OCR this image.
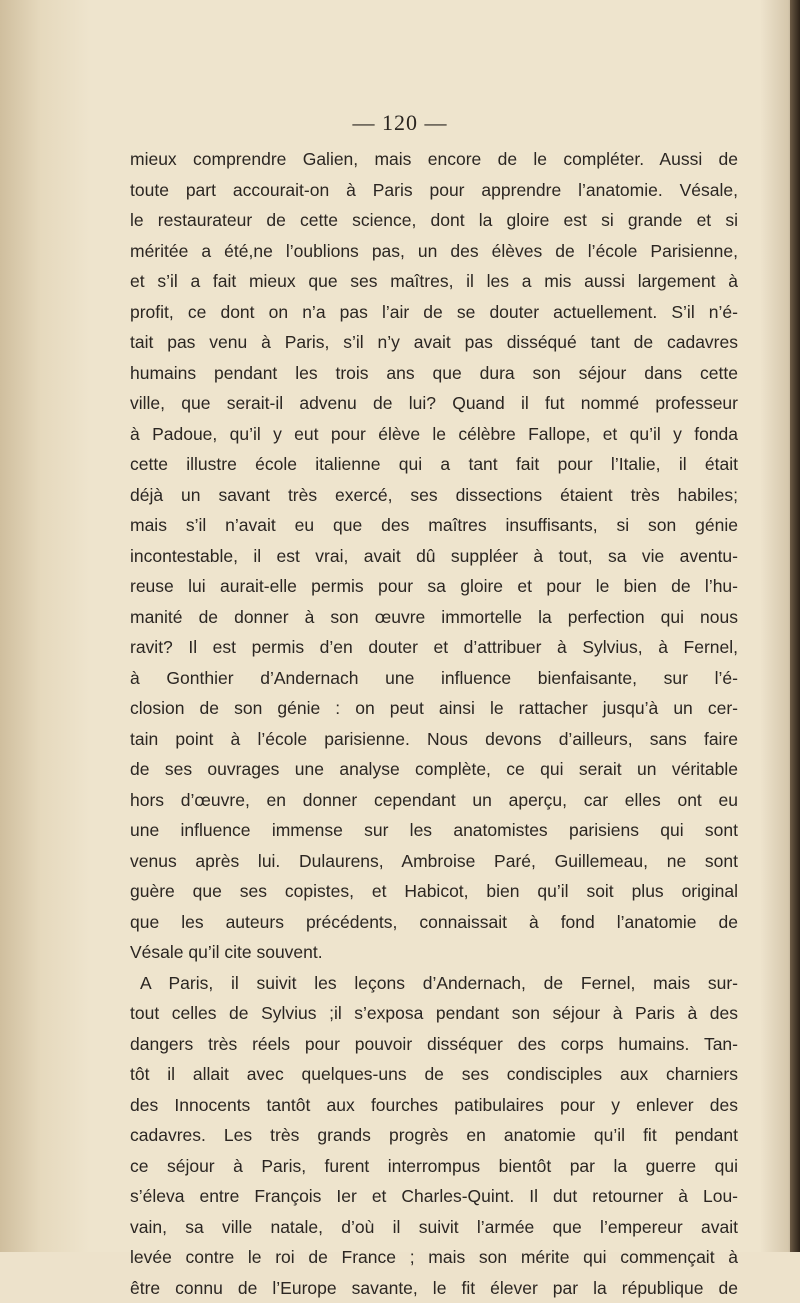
— 120 —
mieux comprendre Galien, mais encore de le compléter. Aussi de
toute part accourait-on à Paris pour apprendre l’anatomie. Vésale,
le restaurateur de cette science, dont la gloire est si grande et si
méritée a été,ne l’oublions pas, un des élèves de l’école Parisienne,
et s’il a fait mieux que ses maîtres, il les a mis aussi largement à
profit, ce dont on n’a pas l’air de se douter actuellement. S’il n’é-
tait pas venu à Paris, s’il n’y avait pas disséqué tant de cadavres
humains pendant les trois ans que dura son séjour dans cette
ville, que serait-il advenu de lui? Quand il fut nommé professeur
à Padoue, qu’il y eut pour élève le célèbre Fallope, et qu’il y fonda
cette illustre école italienne qui a tant fait pour l’Italie, il était
déjà un savant très exercé, ses dissections étaient très habiles;
mais s’il n’avait eu que des maîtres insuffisants, si son génie
incontestable, il est vrai, avait dû suppléer à tout, sa vie aventu-
reuse lui aurait-elle permis pour sa gloire et pour le bien de l’hu-
manité de donner à son œuvre immortelle la perfection qui nous
ravit? Il est permis d’en douter et d’attribuer à Sylvius, à Fernel,
à Gonthier d’Andernach une influence bienfaisante, sur l’é-
closion de son génie : on peut ainsi le rattacher jusqu’à un cer-
tain point à l’école parisienne. Nous devons d’ailleurs, sans faire
de ses ouvrages une analyse complète, ce qui serait un véritable
hors d’œuvre, en donner cependant un aperçu, car elles ont eu
une influence immense sur les anatomistes parisiens qui sont
venus après lui. Dulaurens, Ambroise Paré, Guillemeau, ne sont
guère que ses copistes, et Habicot, bien qu’il soit plus original
que les auteurs précédents, connaissait à fond l’anatomie de
Vésale qu’il cite souvent.
A Paris, il suivit les leçons d’Andernach, de Fernel, mais sur-
tout celles de Sylvius ;il s’exposa pendant son séjour à Paris à des
dangers très réels pour pouvoir disséquer des corps humains. Tan-
tôt il allait avec quelques-uns de ses condisciples aux charniers
des Innocents tantôt aux fourches patibulaires pour y enlever des
cadavres. Les très grands progrès en anatomie qu’il fit pendant
ce séjour à Paris, furent interrompus bientôt par la guerre qui
s’éleva entre François Ier et Charles-Quint. Il dut retourner à Lou-
vain, sa ville natale, d’où il suivit l’armée que l’empereur avait
levée contre le roi de France ; mais son mérite qui commençait à
être connu de l’Europe savante, le fit élever par la république de
